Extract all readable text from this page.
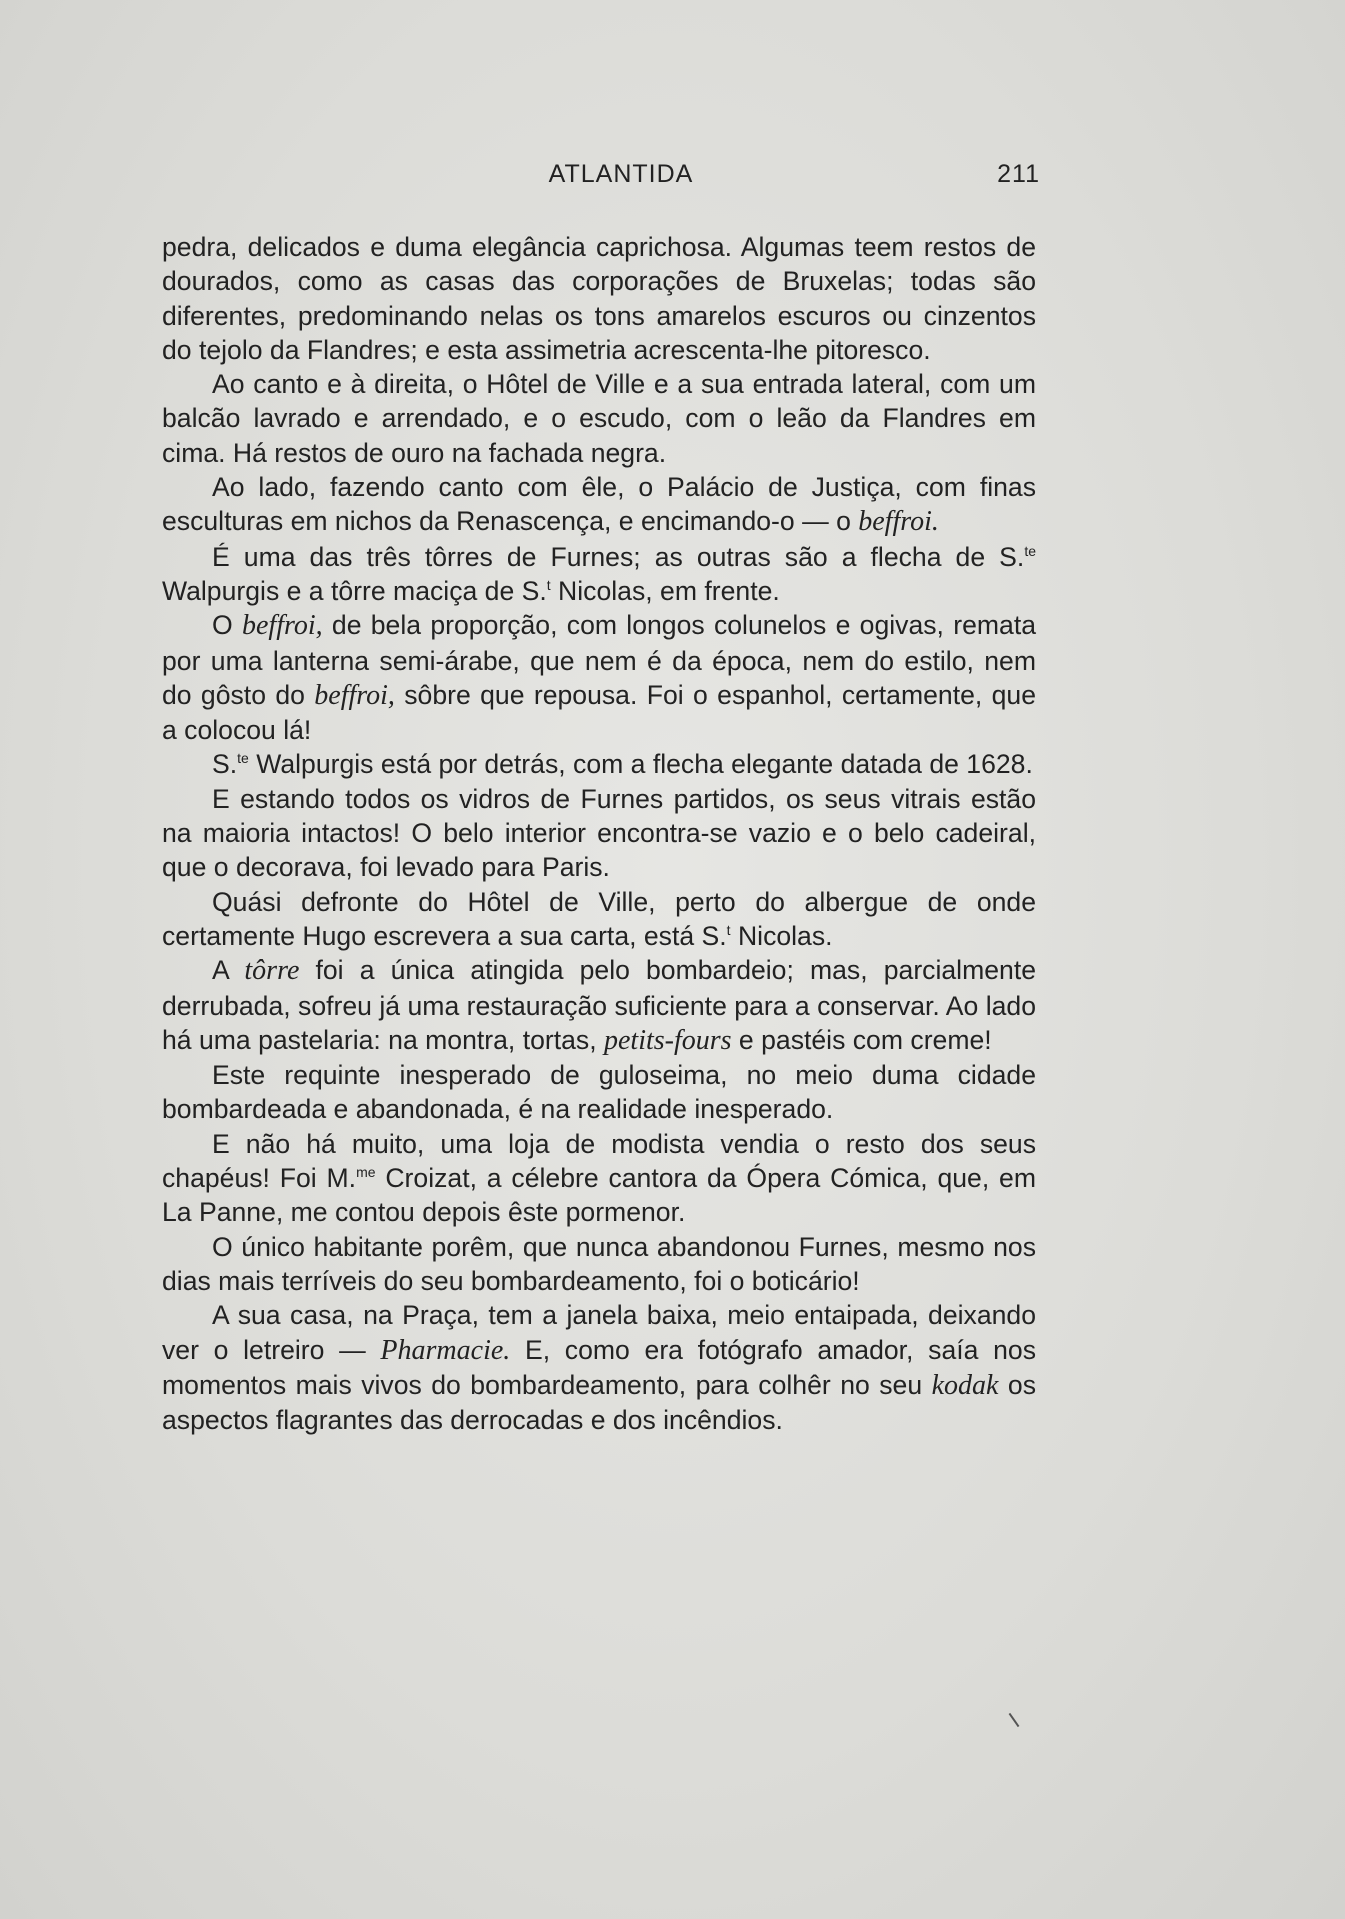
ATLANTIDA	211

pedra, delicados e duma elegância caprichosa. Algumas teem restos de dourados, como as casas das corporações de Bruxelas; todas são diferentes, predominando nelas os tons amarelos escuros ou cinzentos do tejolo da Flandres; e esta assimetria acrescenta-lhe pitoresco.

Ao canto e à direita, o Hôtel de Ville e a sua entrada lateral, com um balcão lavrado e arrendado, e o escudo, com o leão da Flandres em cima. Há restos de ouro na fachada negra.

Ao lado, fazendo canto com êle, o Palácio de Justiça, com finas esculturas em nichos da Renascença, e encimando-o — o beffroi.

É uma das três tôrres de Furnes; as outras são a flecha de S.$^{te}$ Walpurgis e a tôrre maciça de S.$^t$ Nicolas, em frente.

O beffroi, de bela proporção, com longos colunelos e ogivas, remata por uma lanterna semi-árabe, que nem é da época, nem do estilo, nem do gôsto do beffroi, sôbre que repousa. Foi o espanhol, certamente, que a colocou lá!

S.$^{te}$ Walpurgis está por detrás, com a flecha elegante datada de 1628.

E estando todos os vidros de Furnes partidos, os seus vitrais estão na maioria intactos! O belo interior encontra-se vazio e o belo cadeiral, que o decorava, foi levado para Paris.

Quási defronte do Hôtel de Ville, perto do albergue de onde certamente Hugo escrevera a sua carta, está S.$^t$ Nicolas.

A tôrre foi a única atingida pelo bombardeio; mas, parcialmente derrubada, sofreu já uma restauração suficiente para a conservar. Ao lado há uma pastelaria: na montra, tortas, petits-fours e pastéis com creme!

Este requinte inesperado de guloseima, no meio duma cidade bombardeada e abandonada, é na realidade inesperado.

E não há muito, uma loja de modista vendia o resto dos seus chapéus! Foi M.$^{me}$ Croizat, a célebre cantora da Ópera Cómica, que, em La Panne, me contou depois êste pormenor.

O único habitante porêm, que nunca abandonou Furnes, mesmo nos dias mais terríveis do seu bombardeamento, foi o boticário!

A sua casa, na Praça, tem a janela baixa, meio entaipada, deixando ver o letreiro — Pharmacie. E, como era fotógrafo amador, saía nos momentos mais vivos do bombardeamento, para colhêr no seu kodak os aspectos flagrantes das derrocadas e dos incêndios.
